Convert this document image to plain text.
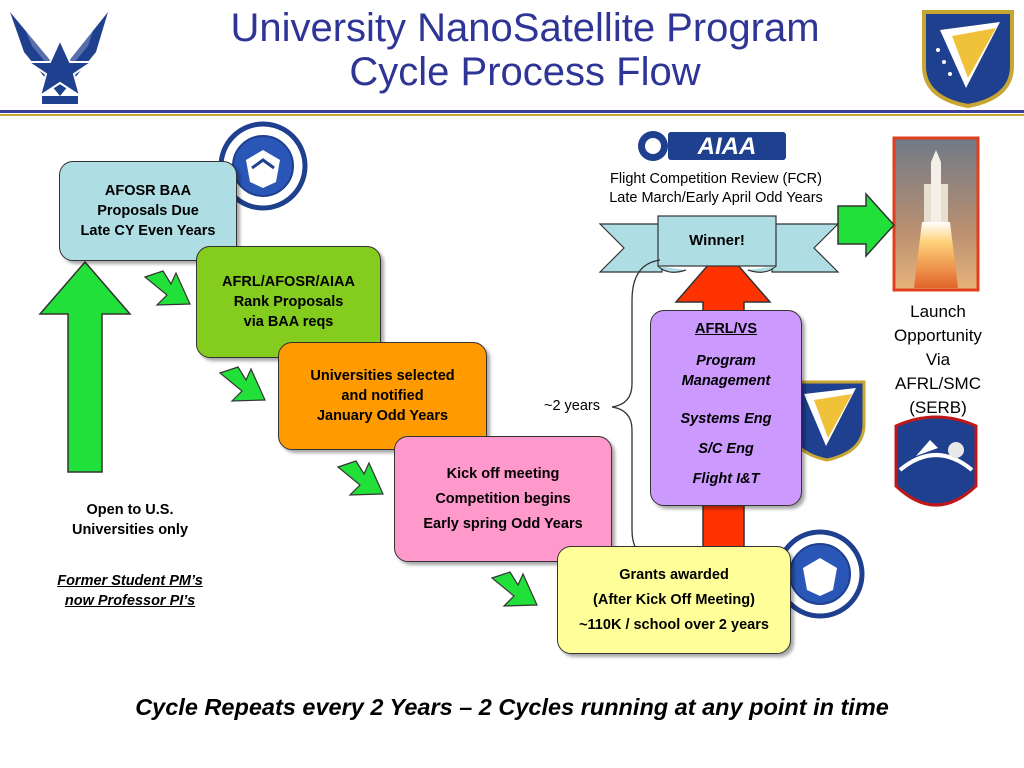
University NanoSatellite Program
Cycle Process Flow
AIAA
AFOSR BAA
Proposals Due
Late CY Even Years
AFRL/AFOSR/AIAA
Rank Proposals
via BAA reqs
Universities selected
and notified
January Odd Years
Kick off meeting
Competition begins
Early spring Odd Years
Grants awarded
(After Kick Off Meeting)
~110K / school over 2 years
AFRL/VS
Program
Management
Systems Eng
S/C Eng
Flight I&T
Winner!
Flight Competition Review (FCR)
Late March/Early April Odd Years
~2 years
Launch
Opportunity
Via
AFRL/SMC
(SERB)
Open to U.S.
Universities only
Former Student PM’s
now Professor PI’s
Cycle Repeats every 2 Years – 2 Cycles running at any point in time
